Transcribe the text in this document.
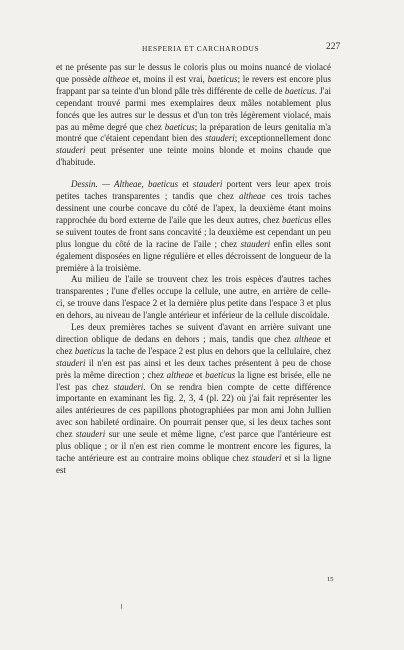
HESPERIA ET CARCHARODUS	227

et ne présente pas sur le dessus le coloris plus ou moins nuancé de violacé que possède altheae et, moins il est vrai, baeticus; le revers est encore plus frappant par sa teinte d'un blond pâle très différente de celle de baeticus. J'ai cependant trouvé parmi mes exemplaires deux mâles notablement plus foncés que les autres sur le dessus et d'un ton très légèrement violacé, mais pas au même degré que chez baeticus; la préparation de leurs genitalia m'a montré que c'étaient cependant bien des stauderi; exceptionnellement donc stauderi peut présenter une teinte moins blonde et moins chaude que d'habitude.

Dessin. — Altheae, baeticus et stauderi portent vers leur apex trois petites taches transparentes ; tandis que chez altheae ces trois taches dessinent une courbe concave du côté de l'apex, la deuxième étant moins rapprochée du bord externe de l'aile que les deux autres, chez baeticus elles se suivent toutes de front sans concavité ; la deuxième est cependant un peu plus longue du côté de la racine de l'aile ; chez stauderi enfin elles sont également disposées en ligne régulière et elles décroissent de longueur de la première à la troisième.

Au milieu de l'aile se trouvent chez les trois espèces d'autres taches transparentes ; l'une d'elles occupe la cellule, une autre, en arrière de celle-ci, se trouve dans l'espace 2 et la dernière plus petite dans l'espace 3 et plus en dehors, au niveau de l'angle antérieur et inférieur de la cellule discoïdale.

Les deux premières taches se suivent d'avant en arrière suivant une direction oblique de dedans en dehors ; mais, tandis que chez altheae et chez baeticus la tache de l'espace 2 est plus en dehors que la cellulaire, chez stauderi il n'en est pas ainsi et les deux taches présentent à peu de chose près la même direction ; chez altheae et baeticus la ligne est brisée, elle ne l'est pas chez stauderi. On se rendra bien compte de cette différence importante en examinant les fig. 2, 3, 4 (pl. 22) où j'ai fait représenter les ailes antérieures de ces papillons photographiées par mon ami John Jullien avec son habileté ordinaire. On pourrait penser que, si les deux taches sont chez stauderi sur une seule et même ligne, c'est parce que l'antérieure est plus oblique ; or il n'en est rien comme le montrent encore les figures, la tache antérieure est au contraire moins oblique chez stauderi et si la ligne est

15
